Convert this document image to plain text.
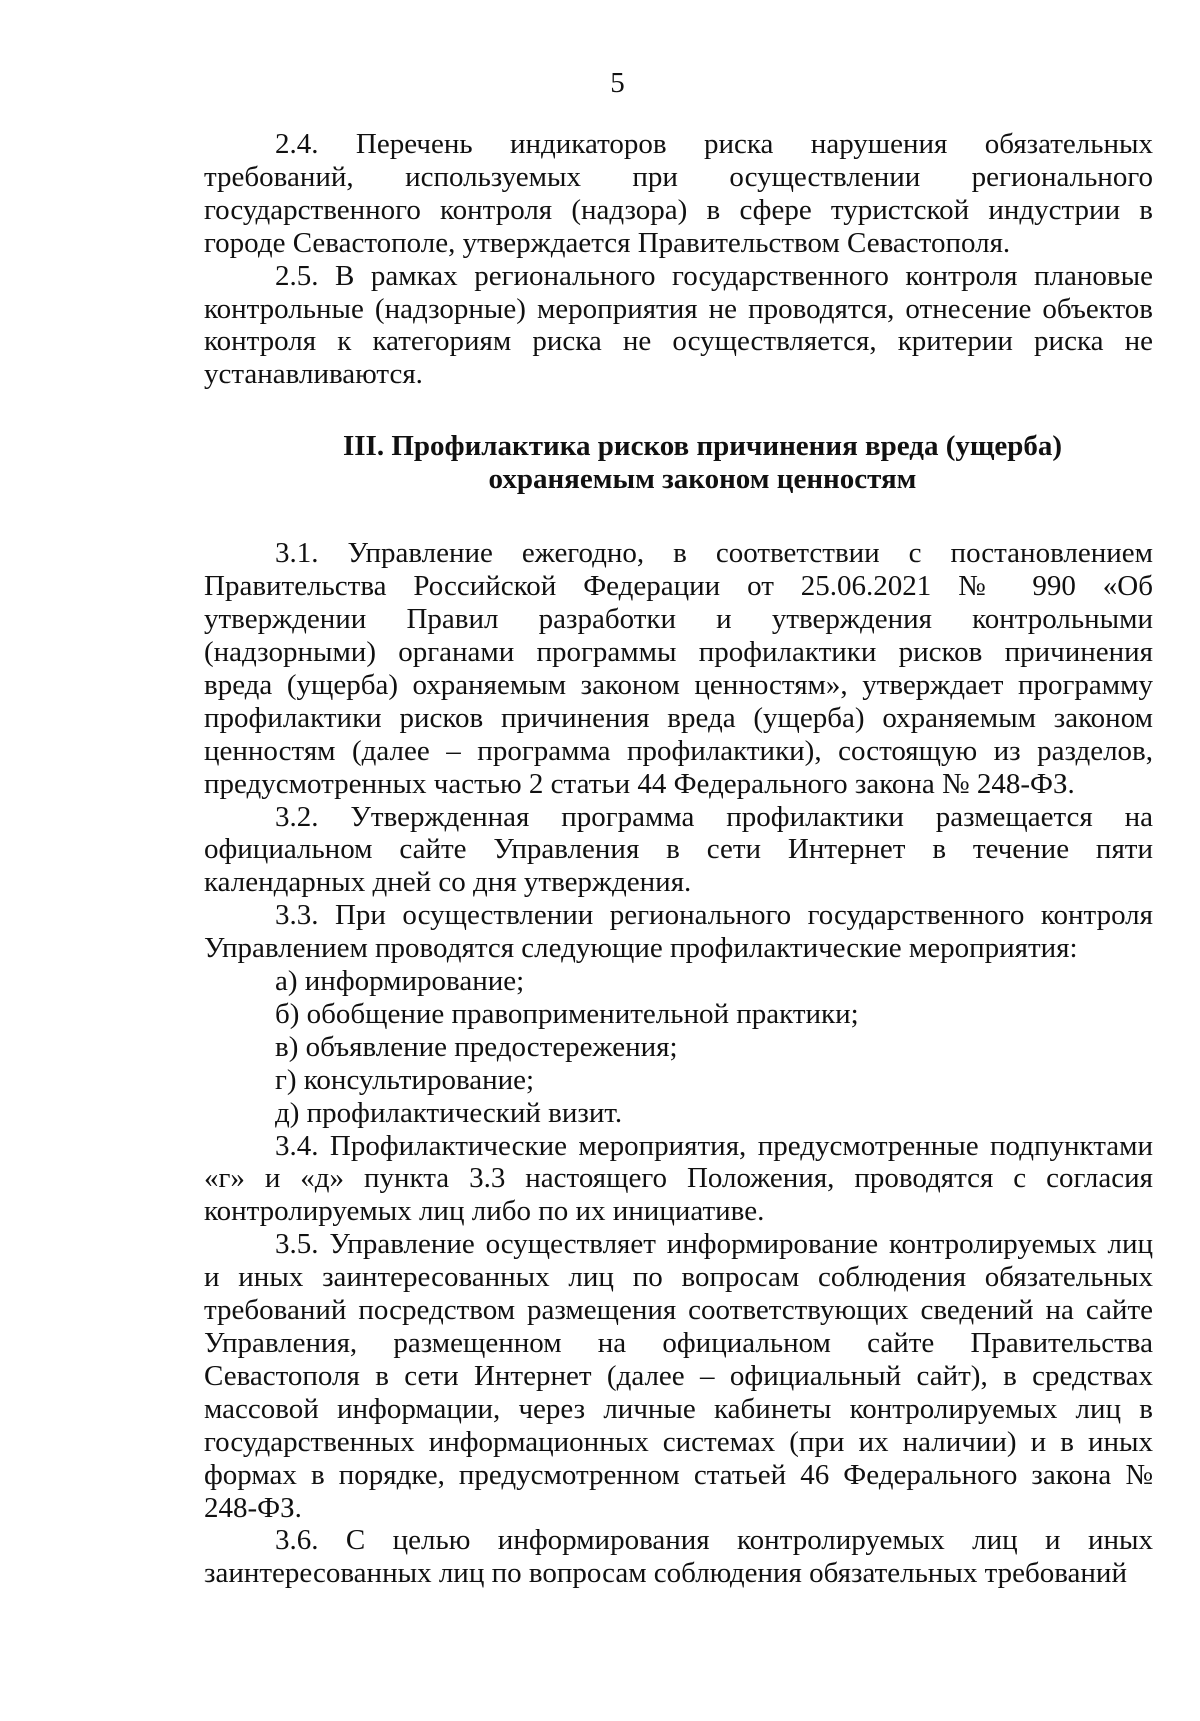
5

2.4. Перечень индикаторов риска нарушения обязательных требований, используемых при осуществлении регионального государственного контроля (надзора) в сфере туристской индустрии в городе Севастополе, утверждается Правительством Севастополя.

2.5. В рамках регионального государственного контроля плановые контрольные (надзорные) мероприятия не проводятся, отнесение объектов контроля к категориям риска не осуществляется, критерии риска не устанавливаются.

III. Профилактика рисков причинения вреда (ущерба)
охраняемым законом ценностям

3.1. Управление ежегодно, в соответствии с постановлением Правительства Российской Федерации от 25.06.2021 № 990 «Об утверждении Правил разработки и утверждения контрольными (надзорными) органами программы профилактики рисков причинения вреда (ущерба) охраняемым законом ценностям», утверждает программу профилактики рисков причинения вреда (ущерба) охраняемым законом ценностям (далее – программа профилактики), состоящую из разделов, предусмотренных частью 2 статьи 44 Федерального закона № 248-ФЗ.

3.2. Утвержденная программа профилактики размещается на официальном сайте Управления в сети Интернет в течение пяти календарных дней со дня утверждения.

3.3. При осуществлении регионального государственного контроля Управлением проводятся следующие профилактические мероприятия:

а) информирование;

б) обобщение правоприменительной практики;

в) объявление предостережения;

г) консультирование;

д) профилактический визит.

3.4. Профилактические мероприятия, предусмотренные подпунктами «г» и «д» пункта 3.3 настоящего Положения, проводятся с согласия контролируемых лиц либо по их инициативе.

3.5. Управление осуществляет информирование контролируемых лиц и иных заинтересованных лиц по вопросам соблюдения обязательных требований посредством размещения соответствующих сведений на сайте Управления, размещенном на официальном сайте Правительства Севастополя в сети Интернет (далее – официальный сайт), в средствах массовой информации, через личные кабинеты контролируемых лиц в государственных информационных системах (при их наличии) и в иных формах в порядке, предусмотренном статьей 46 Федерального закона № 248-ФЗ.

3.6. С целью информирования контролируемых лиц и иных заинтересованных лиц по вопросам соблюдения обязательных требований
